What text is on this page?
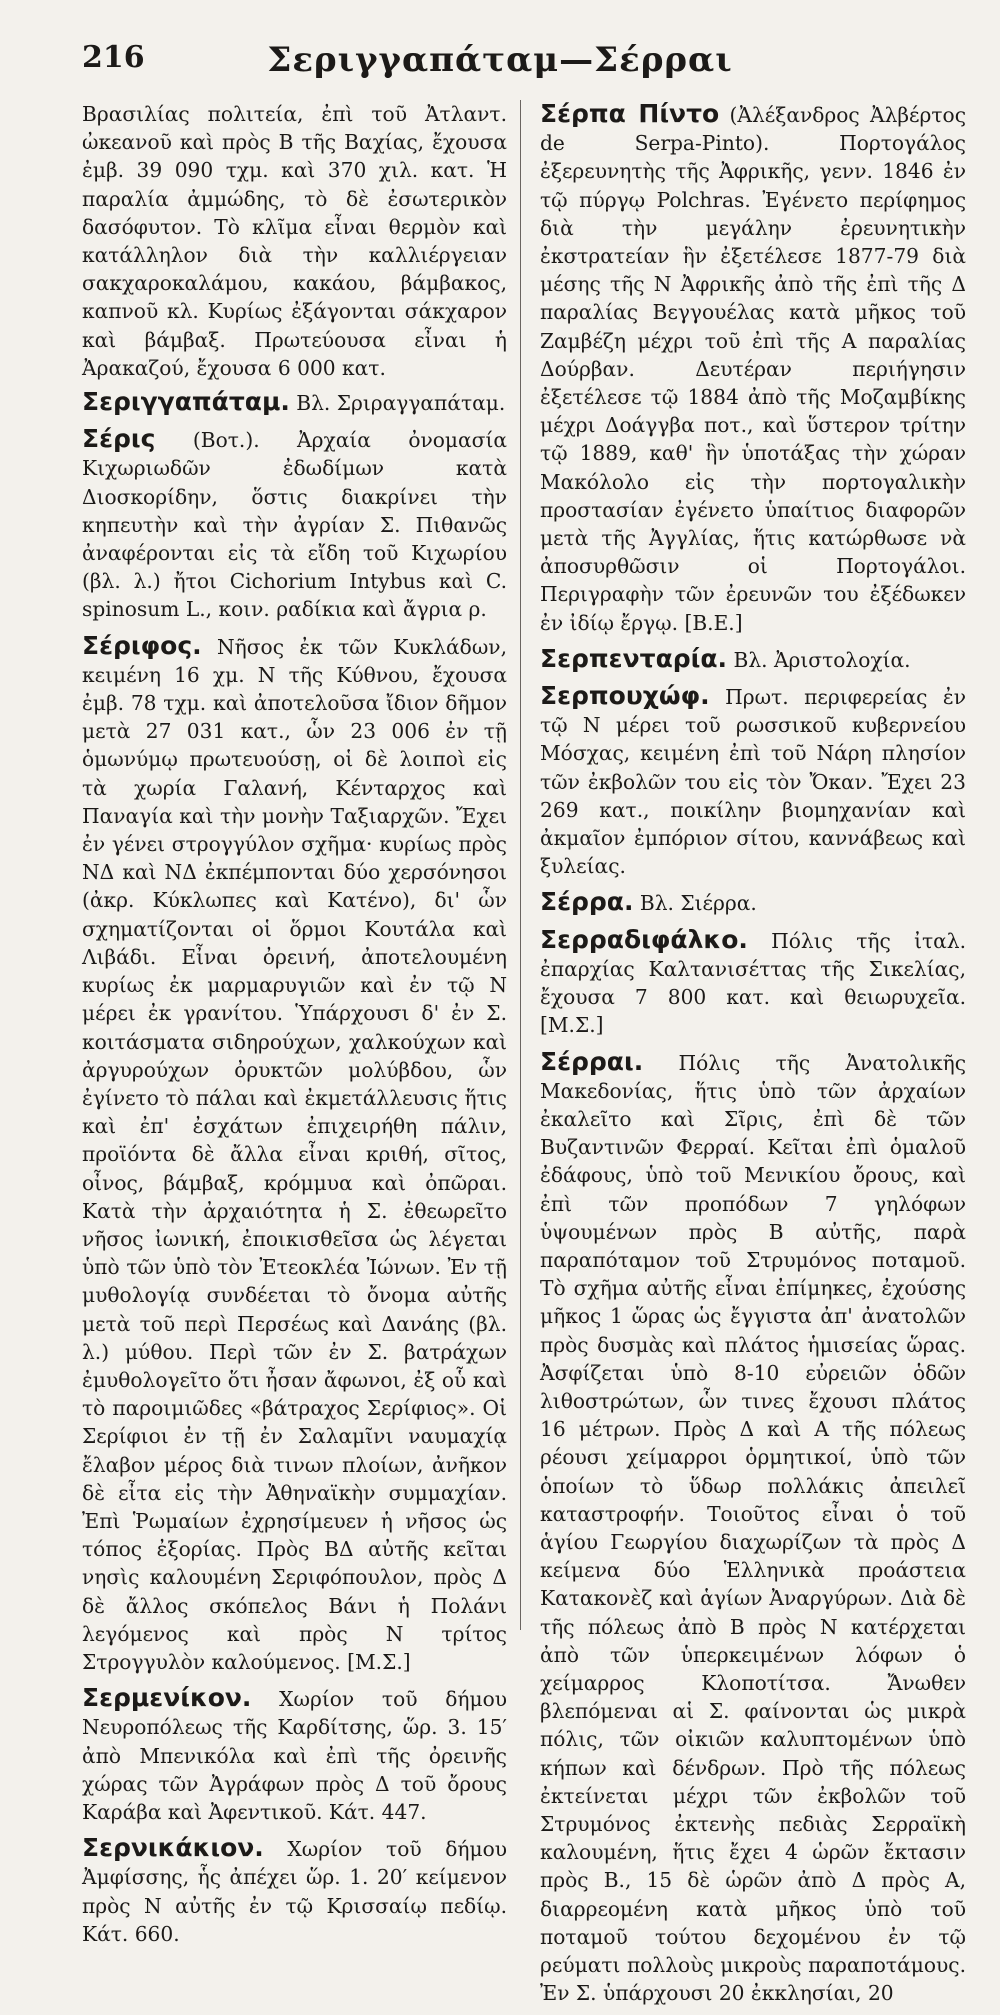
216	Σεριγγαπάταμ—Σέρραι

Βρασιλίας πολιτεία, ἐπὶ τοῦ Ἀτλαντ. ὠκεανοῦ καὶ πρὸς Β τῆς Βαχίας, ἔχουσα ἐμβ. 39 090 τχμ. καὶ 370 χιλ. κατ. Ἡ παραλία ἀμμώδης, τὸ δὲ ἐσωτερικὸν δασόφυτον. Τὸ κλῖμα εἶναι θερμὸν καὶ κατάλληλον διὰ τὴν καλλιέργειαν σακχαροκαλάμου, κακάου, βάμβακος, καπνοῦ κλ. Κυρίως ἐξάγονται σάκχαρον καὶ βάμβαξ. Πρωτεύουσα εἶναι ἡ Ἀρακαζού, ἔχουσα 6 000 κατ.

Σεριγγαπάταμ. Βλ. Σριραγγαπάταμ.

Σέρις (Βοτ.). Ἀρχαία ὀνομασία Κιχωριωδῶν ἐδωδίμων κατὰ Διοσκορίδην, ὅστις διακρίνει τὴν κηπευτὴν καὶ τὴν ἀγρίαν Σ. Πιθανῶς ἀναφέρονται εἰς τὰ εἴδη τοῦ Κιχωρίου (βλ. λ.) ἤτοι Cichorium Intybus καὶ C. spinosum L., κοιν. ραδίκια καὶ ἄγρια ρ.

Σέριφος. Νῆσος ἐκ τῶν Κυκλάδων, κειμένη 16 χμ. Ν τῆς Κύθνου, ἔχουσα ἐμβ. 78 τχμ. καὶ ἀποτελοῦσα ἴδιον δῆμον μετὰ 27 031 κατ., ὧν 23 006 ἐν τῇ ὁμωνύμῳ πρωτευούσῃ, οἱ δὲ λοιποὶ εἰς τὰ χωρία Γαλανή, Κένταρχος καὶ Παναγία καὶ τὴν μονὴν Ταξιαρχῶν. Ἔχει ἐν γένει στρογγύλον σχῆμα· κυρίως πρὸς ΝΔ καὶ ΝΔ ἐκπέμπονται δύο χερσόνησοι (ἀκρ. Κύκλωπες καὶ Κατένο), δι' ὧν σχηματίζονται οἱ ὅρμοι Κουτάλα καὶ Λιβάδι. Εἶναι ὀρεινή, ἀποτελουμένη κυρίως ἐκ μαρμαρυγιῶν καὶ ἐν τῷ Ν μέρει ἐκ γρανίτου. Ὑπάρχουσι δ' ἐν Σ. κοιτάσματα σιδηρούχων, χαλκούχων καὶ ἀργυρούχων ὀρυκτῶν μολύβδου, ὧν ἐγίνετο τὸ πάλαι καὶ ἐκμετάλλευσις ἥτις καὶ ἐπ' ἐσχάτων ἐπιχειρήθη πάλιν, προϊόντα δὲ ἄλλα εἶναι κριθή, σῖτος, οἶνος, βάμβαξ, κρόμμυα καὶ ὀπῶραι. Κατὰ τὴν ἀρχαιότητα ἡ Σ. ἐθεωρεῖτο νῆσος ἰωνική, ἐποικισθεῖσα ὡς λέγεται ὑπὸ τῶν ὑπὸ τὸν Ἐτεοκλέα Ἰώνων. Ἐν τῇ μυθολογίᾳ συνδέεται τὸ ὄνομα αὐτῆς μετὰ τοῦ περὶ Περσέως καὶ Δανάης (βλ. λ.) μύθου. Περὶ τῶν ἐν Σ. βατράχων ἐμυθολογεῖτο ὅτι ἦσαν ἄφωνοι, ἐξ οὗ καὶ τὸ παροιμιῶδες «βάτραχος Σερίφιος». Οἱ Σερίφιοι ἐν τῇ ἐν Σαλαμῖνι ναυμαχίᾳ ἔλαβον μέρος διὰ τινων πλοίων, ἀνῆκον δὲ εἶτα εἰς τὴν Ἀθηναϊκὴν συμμαχίαν. Ἐπὶ Ῥωμαίων ἐχρησίμευεν ἡ νῆσος ὡς τόπος ἐξορίας. Πρὸς ΒΔ αὐτῆς κεῖται νησὶς καλουμένη Σεριφόπουλον, πρὸς Δ δὲ ἄλλος σκόπελος Βάνι ἡ Πολάνι λεγόμενος καὶ πρὸς Ν τρίτος Στρογγυλὸν καλούμενος. [Μ.Σ.]

Σερμενίκον. Χωρίον τοῦ δήμου Νευροπόλεως τῆς Καρδίτσης, ὥρ. 3. 15′ ἀπὸ Μπενικόλα καὶ ἐπὶ τῆς ὀρεινῆς χώρας τῶν Ἀγράφων πρὸς Δ τοῦ ὄρους Καράβα καὶ Ἀφεντικοῦ. Κάτ. 447.

Σερνικάκιον. Χωρίον τοῦ δήμου Ἀμφίσσης, ἧς ἀπέχει ὥρ. 1. 20′ κείμενον πρὸς Ν αὐτῆς ἐν τῷ Κρισσαίῳ πεδίῳ. Κάτ. 660.

Σέρπα Πίντο (Ἀλέξανδρος Ἀλβέρτος de Serpa-Pinto). Πορτογάλος ἐξερευνητὴς τῆς Ἀφρικῆς, γενν. 1846 ἐν τῷ πύργῳ Polchras. Ἐγένετο περίφημος διὰ τὴν μεγάλην ἐρευνητικὴν ἐκστρατείαν ἣν ἐξετέλεσε 1877-79 διὰ μέσης τῆς Ν Ἀφρικῆς ἀπὸ τῆς ἐπὶ τῆς Δ παραλίας Βεγγουέλας κατὰ μῆκος τοῦ Ζαμβέζη μέχρι τοῦ ἐπὶ τῆς Α παραλίας Δούρβαν. Δευτέραν περιήγησιν ἐξετέλεσε τῷ 1884 ἀπὸ τῆς Μοζαμβίκης μέχρι Δοάγγβα ποτ., καὶ ὕστερον τρίτην τῷ 1889, καθ' ἣν ὑποτάξας τὴν χώραν Μακόλολο εἰς τὴν πορτογαλικὴν προστασίαν ἐγένετο ὑπαίτιος διαφορῶν μετὰ τῆς Ἀγγλίας, ἥτις κατώρθωσε νὰ ἀποσυρθῶσιν οἱ Πορτογάλοι. Περιγραφὴν τῶν ἐρευνῶν του ἐξέδωκεν ἐν ἰδίῳ ἔργῳ. [Β.Ε.]

Σερπενταρία. Βλ. Ἀριστολοχία.

Σερπουχώφ. Πρωτ. περιφερείας ἐν τῷ Ν μέρει τοῦ ρωσσικοῦ κυβερνείου Μόσχας, κειμένη ἐπὶ τοῦ Νάρη πλησίον τῶν ἐκβολῶν του εἰς τὸν Ὄκαν. Ἔχει 23 269 κατ., ποικίλην βιομηχανίαν καὶ ἀκμαῖον ἐμπόριον σίτου, καννάβεως καὶ ξυλείας.

Σέρρα. Βλ. Σιέρρα.

Σερραδιφάλκο. Πόλις τῆς ἰταλ. ἐπαρχίας Καλτανισέττας τῆς Σικελίας, ἔχουσα 7 800 κατ. καὶ θειωρυχεῖα. [Μ.Σ.]

Σέρραι. Πόλις τῆς Ἀνατολικῆς Μακεδονίας, ἥτις ὑπὸ τῶν ἀρχαίων ἐκαλεῖτο καὶ Σῖρις, ἐπὶ δὲ τῶν Βυζαντινῶν Φερραί. Κεῖται ἐπὶ ὁμαλοῦ ἐδάφους, ὑπὸ τοῦ Μενικίου ὄρους, καὶ ἐπὶ τῶν προπόδων 7 γηλόφων ὑψουμένων πρὸς Β αὐτῆς, παρὰ παραπόταμον τοῦ Στρυμόνος ποταμοῦ. Τὸ σχῆμα αὐτῆς εἶναι ἐπίμηκες, ἐχούσης μῆκος 1 ὥρας ὡς ἔγγιστα ἀπ' ἀνατολῶν πρὸς δυσμὰς καὶ πλάτος ἡμισείας ὥρας. Ἀσφίζεται ὑπὸ 8-10 εὐρειῶν ὁδῶν λιθοστρώτων, ὧν τινες ἔχουσι πλάτος 16 μέτρων. Πρὸς Δ καὶ Α τῆς πόλεως ρέουσι χείμαρροι ὁρμητικοί, ὑπὸ τῶν ὁποίων τὸ ὕδωρ πολλάκις ἀπειλεῖ καταστροφήν. Τοιοῦτος εἶναι ὁ τοῦ ἁγίου Γεωργίου διαχωρίζων τὰ πρὸς Δ κείμενα δύο Ἑλληνικὰ προάστεια Κατακονὲζ καὶ ἁγίων Ἀναργύρων. Διὰ δὲ τῆς πόλεως ἀπὸ Β πρὸς Ν κατέρχεται ἀπὸ τῶν ὑπερκειμένων λόφων ὁ χείμαρρος Κλοποτίτσα. Ἄνωθεν βλεπόμεναι αἱ Σ. φαίνονται ὡς μικρὰ πόλις, τῶν οἰκιῶν καλυπτομένων ὑπὸ κήπων καὶ δένδρων. Πρὸ τῆς πόλεως ἐκτείνεται μέχρι τῶν ἐκβολῶν τοῦ Στρυμόνος ἐκτενὴς πεδιὰς Σερραϊκὴ καλουμένη, ἥτις ἔχει 4 ὡρῶν ἔκτασιν πρὸς Β., 15 δὲ ὡρῶν ἀπὸ Δ πρὸς Α, διαρρεομένη κατὰ μῆκος ὑπὸ τοῦ ποταμοῦ τούτου δεχομένου ἐν τῷ ρεύματι πολλοὺς μικροὺς παραποτάμους. Ἐν Σ. ὑπάρχουσι 20 ἐκκλησίαι, 20
